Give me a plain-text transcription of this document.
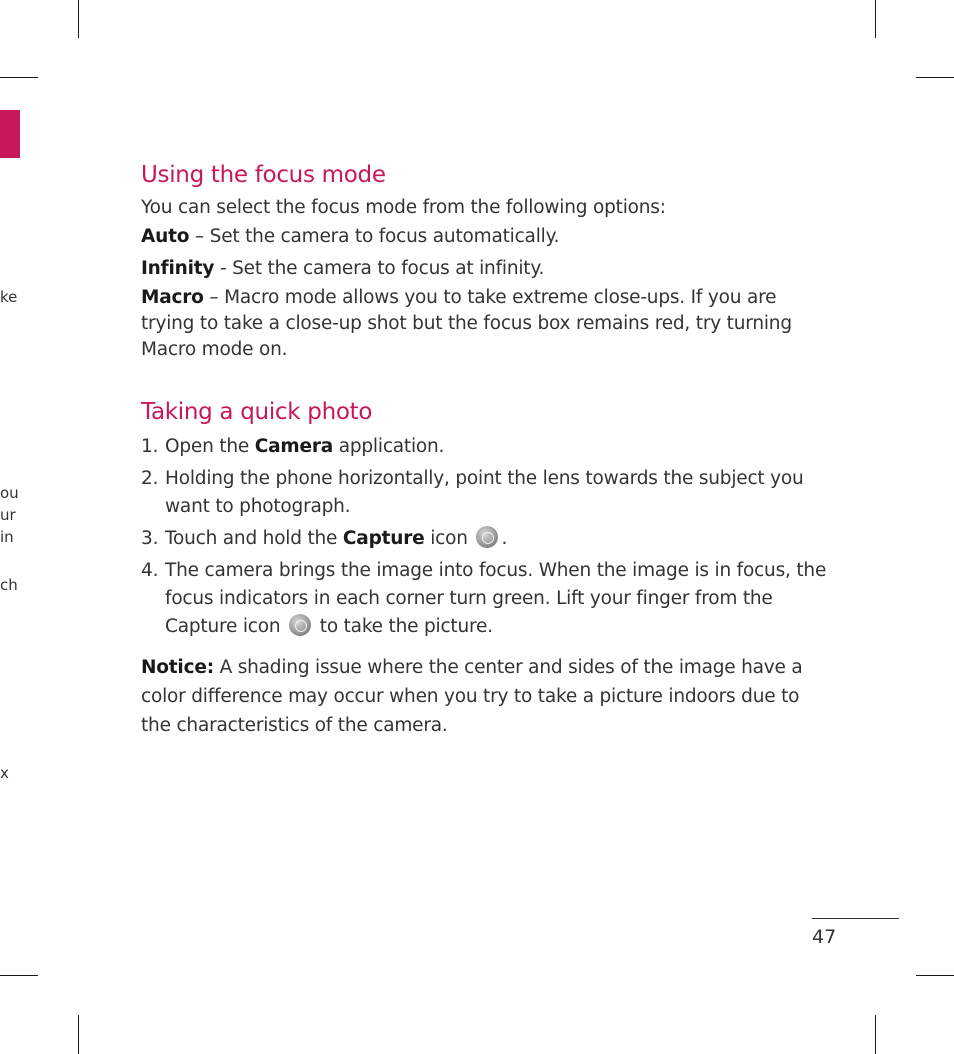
ke
ou
ur
in
ch
x
Using the focus mode

You can select the focus mode from the following options:

Auto – Set the camera to focus automatically.

Infinity - Set the camera to focus at infinity.

Macro – Macro mode allows you to take extreme close-ups. If you are trying to take a close-up shot but the focus box remains red, try turning Macro mode on.

Taking a quick photo
1. Open the Camera application.
2. Holding the phone horizontally, point the lens towards the subject you want to photograph.
3. Touch and hold the Capture icon .
4. The camera brings the image into focus. When the image is in focus, the focus indicators in each corner turn green. Lift your finger from the Capture icon  to take the picture.

Notice: A shading issue where the center and sides of the image have a color difference may occur when you try to take a picture indoors due to the characteristics of the camera.

47
